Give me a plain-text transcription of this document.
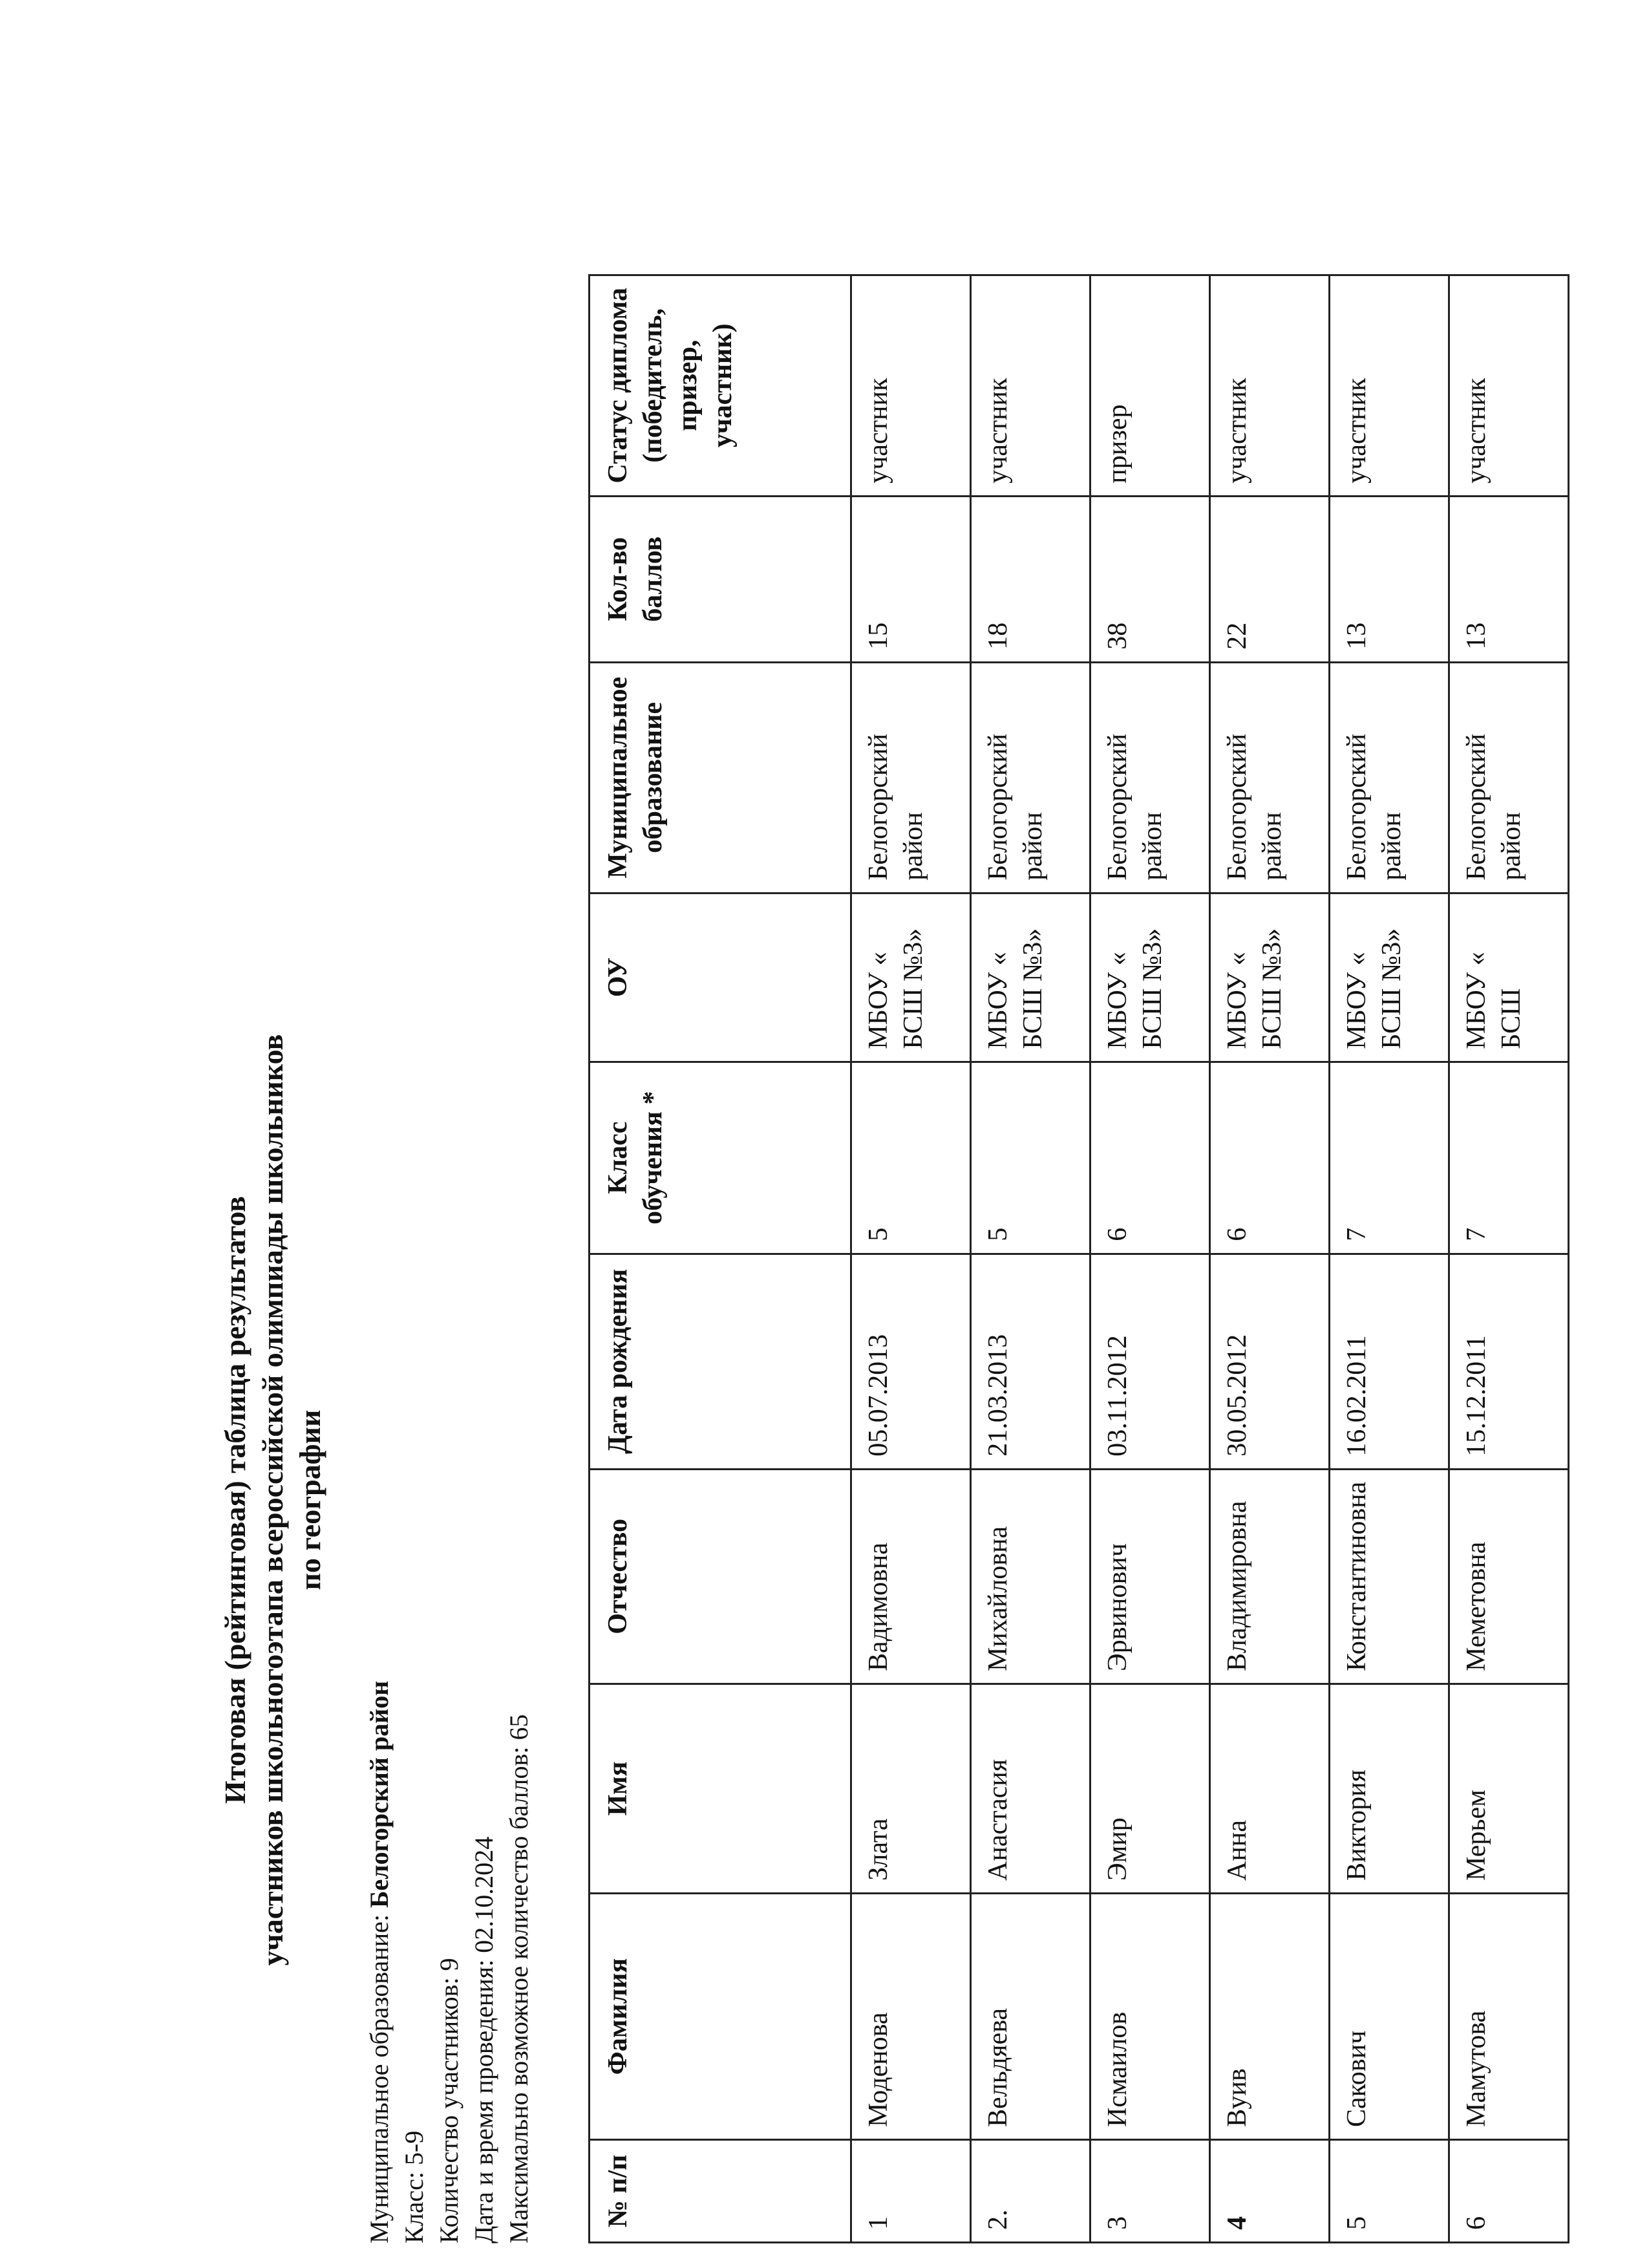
Итоговая (рейтинговая) таблица результатов участников школьногоэтапа всероссийской олимпиады школьников по географии
Муниципальное образование: Белогорский район
Класс: 5-9 Количество участников: 9 Дата и время проведения: 02.10.2024 Максимально возможное количество баллов: 65	№ п/п	Фамилия	Имя	Отчество	Дата рождения	Класс обучения *	ОУ	Муниципальное образование	Кол-во баллов	Статус диплома (победитель, призер, участник)
1	Моденова	Злата	Вадимовна	05.07.2013	5	МБОУ « БСШ №3»	Белогорский район	15	участник
2.	Вельдяева	Анастасия	Михайловна	21.03.2013	5	МБОУ « БСШ №3»	Белогорский район	18	участник
3	Исмаилов	Эмир	Эрвинович	03.11.2012	6	МБОУ « БСШ №3»	Белогорский район	38	призер
4	Вуив	Анна	Владимировна	30.05.2012	6	МБОУ « БСШ №3»	Белогорский район	22	участник
5	Сакович	Виктория	Константиновна	16.02.2011	7	МБОУ « БСШ №3»	Белогорский район	13	участник
6	Мамутова	Мерьем	Меметовна	15.12.2011	7	МБОУ « БСШ	Белогорский район	13	участник
